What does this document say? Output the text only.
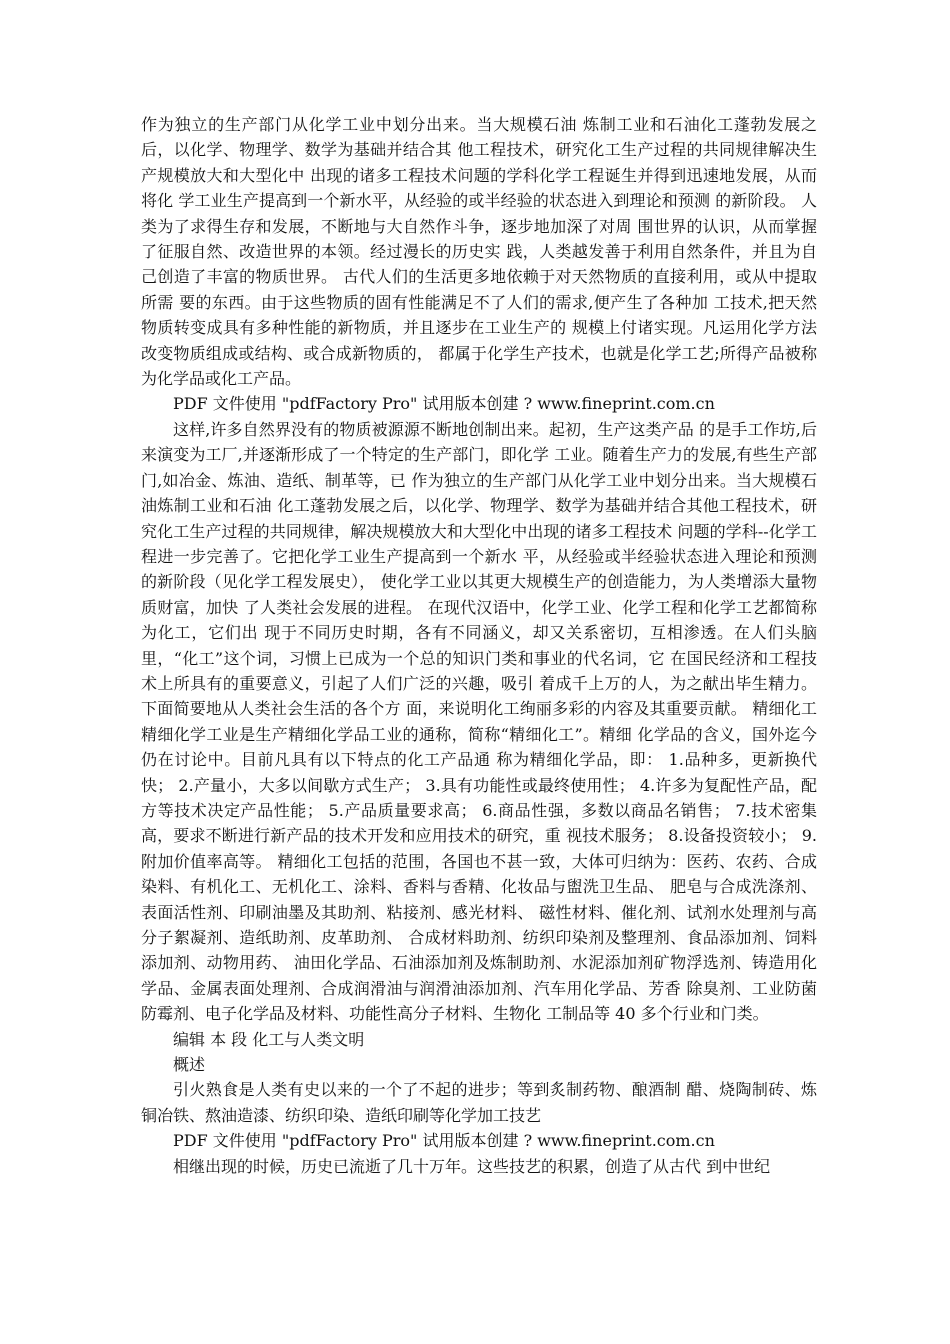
作为独立的生产部门从化学工业中划分出来。当大规模石油 炼制工业和石油化工蓬勃发展之后，以化学、物理学、数学为基础并结合其 他工程技术，研究化工生产过程的共同规律解决生产规模放大和大型化中 出现的诸多工程技术问题的学科化学工程诞生并得到迅速地发展，从而将化 学工业生产提高到一个新水平，从经验的或半经验的状态进入到理论和预测 的新阶段。 人类为了求得生存和发展，不断地与大自然作斗争，逐步地加深了对周 围世界的认识，从而掌握了征服自然、改造世界的本领。经过漫长的历史实 践，人类越发善于利用自然条件，并且为自己创造了丰富的物质世界。 古代人们的生活更多地依赖于对天然物质的直接利用，或从中提取所需 要的东西。由于这些物质的固有性能满足不了人们的需求,便产生了各种加 工技术,把天然物质转变成具有多种性能的新物质，并且逐步在工业生产的 规模上付诸实现。凡运用化学方法改变物质组成或结构、或合成新物质的， 都属于化学生产技术，也就是化学工艺;所得产品被称为化学品或化工产品。

PDF 文件使用 "pdfFactory Pro" 试用版本创建 ? www.fineprint.com.cn

这样,许多自然界没有的物质被源源不断地创制出来。起初，生产这类产品 的是手工作坊,后来演变为工厂,并逐渐形成了一个特定的生产部门，即化学 工业。随着生产力的发展,有些生产部门,如冶金、炼油、造纸、制革等，已 作为独立的生产部门从化学工业中划分出来。当大规模石油炼制工业和石油 化工蓬勃发展之后，以化学、物理学、数学为基础并结合其他工程技术，研 究化工生产过程的共同规律，解决规模放大和大型化中出现的诸多工程技术 问题的学科--化学工程进一步完善了。它把化学工业生产提高到一个新水 平，从经验或半经验状态进入理论和预测的新阶段（见化学工程发展史）， 使化学工业以其更大规模生产的创造能力，为人类增添大量物质财富，加快 了人类社会发展的进程。 在现代汉语中，化学工业、化学工程和化学工艺都简称为化工，它们出 现于不同历史时期，各有不同涵义，却又关系密切，互相渗透。在人们头脑 里，“化工”这个词，习惯上已成为一个总的知识门类和事业的代名词，它 在国民经济和工程技术上所具有的重要意义，引起了人们广泛的兴趣，吸引 着成千上万的人，为之献出毕生精力。下面简要地从人类社会生活的各个方 面，来说明化工绚丽多彩的内容及其重要贡献。 精细化工 精细化学工业是生产精细化学品工业的通称，简称“精细化工”。精细 化学品的含义，国外迄今仍在讨论中。目前凡具有以下特点的化工产品通 称为精细化学品，即： 1.品种多，更新换代快； 2.产量小，大多以间歇方式生产； 3.具有功能性或最终使用性； 4.许多为复配性产品，配方等技术决定产品性能； 5.产品质量要求高； 6.商品性强，多数以商品名销售； 7.技术密集高，要求不断进行新产品的技术开发和应用技术的研究，重 视技术服务； 8.设备投资较小； 9.附加价值率高等。 精细化工包括的范围，各国也不甚一致，大体可归纳为：医药、农药、合成染料、有机化工、无机化工、涂料、香料与香精、化妆品与盥洗卫生品、 肥皂与合成洗涤剂、表面活性剂、印刷油墨及其助剂、粘接剂、感光材料、 磁性材料、催化剂、试剂水处理剂与高分子絮凝剂、造纸助剂、皮革助剂、 合成材料助剂、纺织印染剂及整理剂、食品添加剂、饲料添加剂、动物用药、 油田化学品、石油添加剂及炼制助剂、水泥添加剂矿物浮选剂、铸造用化 学品、金属表面处理剂、合成润滑油与润滑油添加剂、汽车用化学品、芳香 除臭剂、工业防菌防霉剂、电子化学品及材料、功能性高分子材料、生物化 工制品等 40 多个行业和门类。

编辑 本 段 化工与人类文明

概述

引火熟食是人类有史以来的一个了不起的进步；等到炙制药物、酿酒制 醋、烧陶制砖、炼铜冶铁、熬油造漆、纺织印染、造纸印刷等化学加工技艺

PDF 文件使用 "pdfFactory Pro" 试用版本创建 ? www.fineprint.com.cn

相继出现的时候，历史已流逝了几十万年。这些技艺的积累，创造了从古代 到中世纪
